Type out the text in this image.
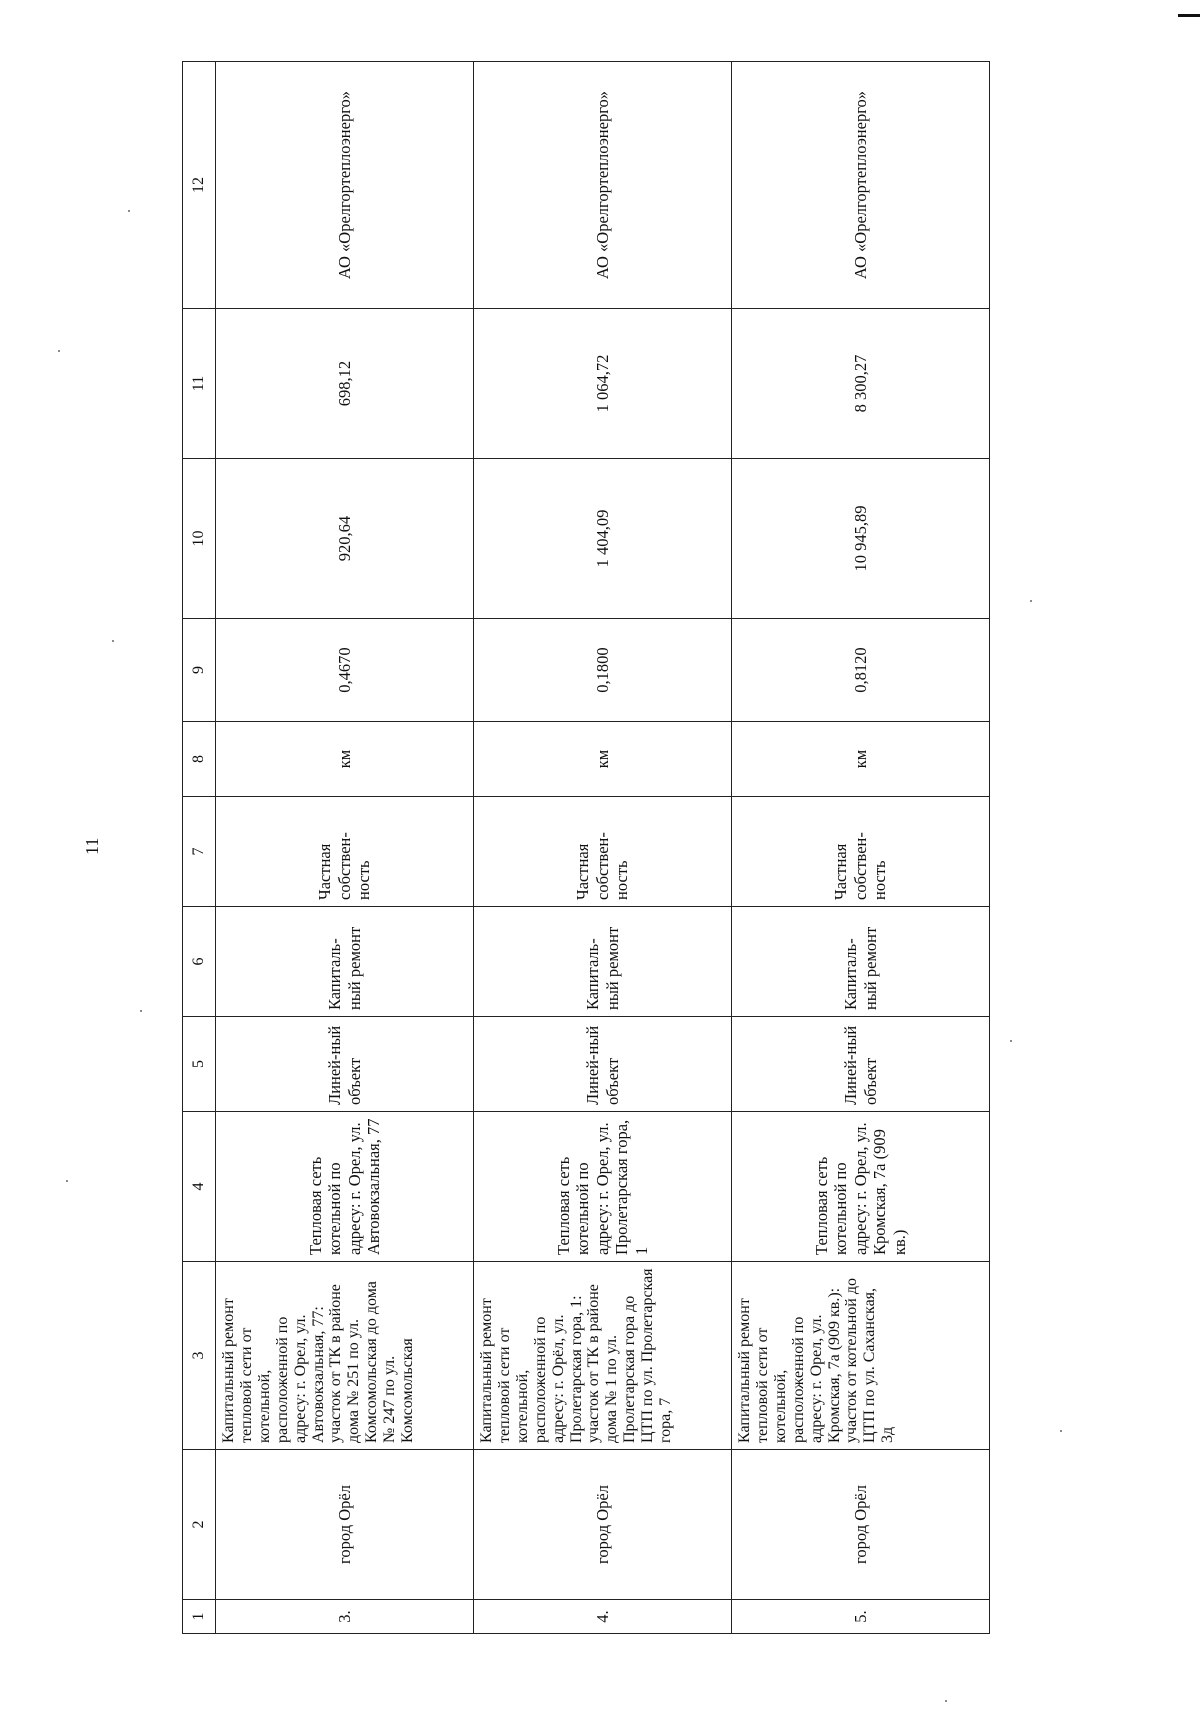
11
1	2	3	4	5	6	7	8	9	10	11	12
3.	город Орёл	Капитальный ремонт тепловой сети от котельной, расположенной по адресу: г. Орел, ул. Автовокзальная, 77: участок от ТК в районе дома № 251 по ул. Комсомольская до дома № 247 по ул. Комсомольская	Тепловая сеть котельной по адресу: г. Орел, ул. Автовокзальная, 77	Линей-ный объект	Капиталь-ный ремонт	Частная собствен-ность	км	0,4670	920,64	698,12	АО «Орелгортеплоэнерго»
4.	город Орёл	Капитальный ремонт тепловой сети от котельной, расположенной по адресу: г. Орёл, ул. Пролетарская гора, 1: участок от ТК в районе дома № 1 по ул. Пролетарская гора до ЦТП по ул. Пролетарская гора, 7	Тепловая сеть котельной по адресу: г. Орел, ул. Пролетарская гора, 1	Линей-ный объект	Капиталь-ный ремонт	Частная собствен-ность	км	0,1800	1 404,09	1 064,72	АО «Орелгортеплоэнерго»
5.	город Орёл	Капитальный ремонт тепловой сети от котельной, расположенной по адресу: г. Орел, ул. Кромская, 7а (909 кв.): участок от котельной до ЦТП по ул. Саханская, 3д	Тепловая сеть котельной по адресу: г. Орел, ул. Кромская, 7а (909 кв.)	Линей-ный объект	Капиталь-ный ремонт	Частная собствен-ность	км	0,8120	10 945,89	8 300,27	АО «Орелгортеплоэнерго»
